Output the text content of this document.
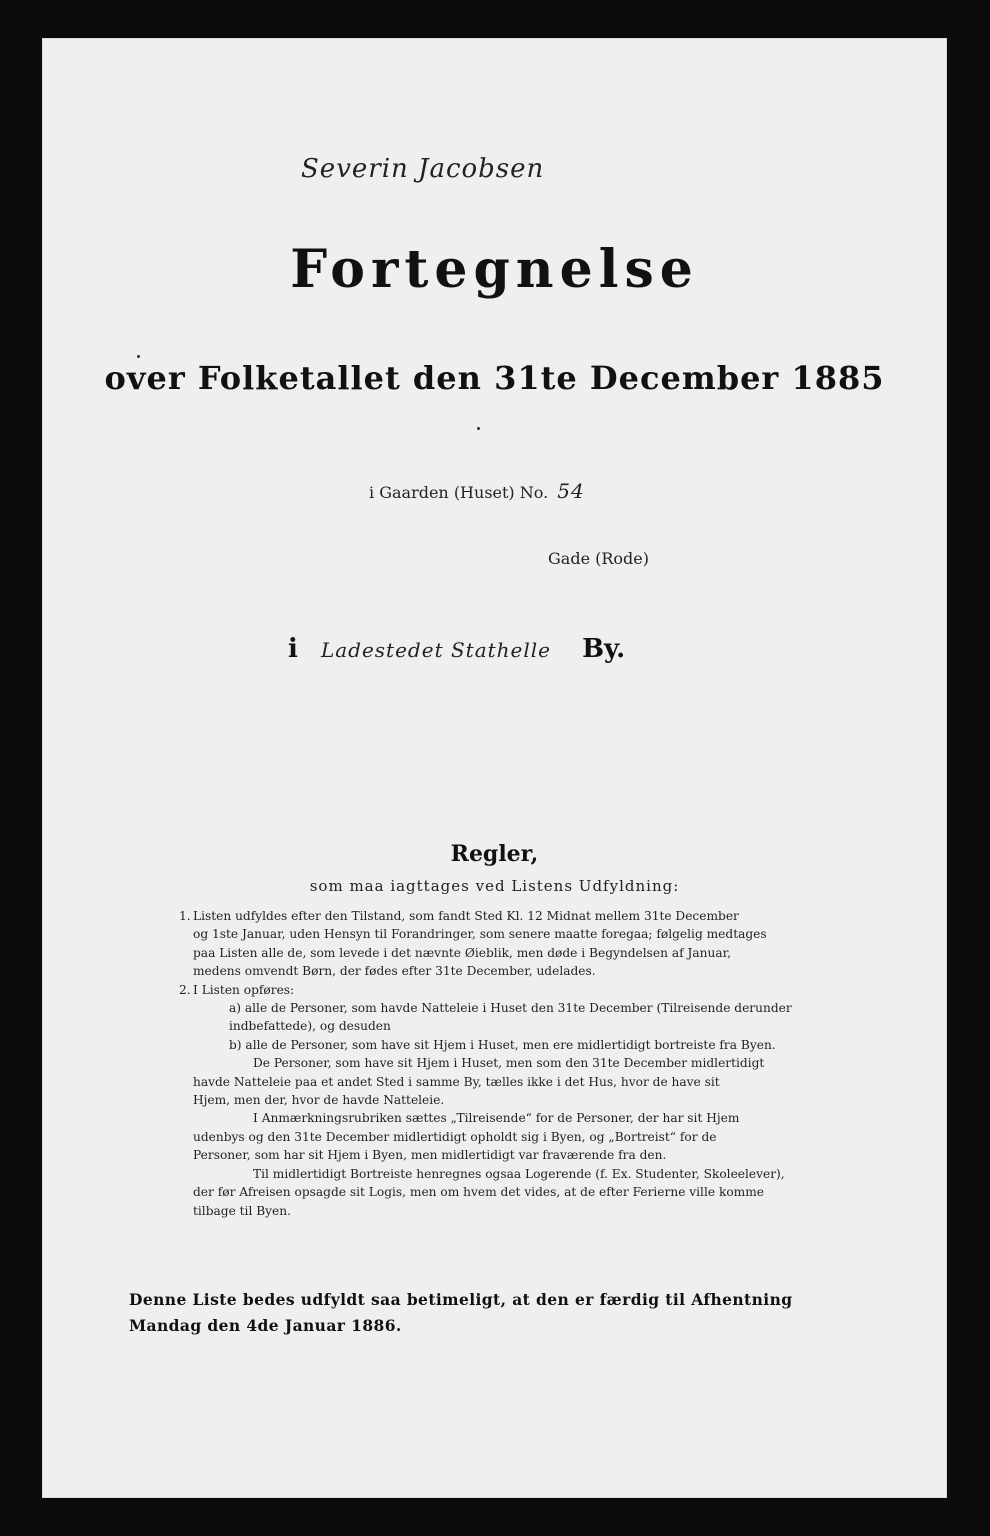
Severin Jacobsen
Fortegnelse
over Folketallet den 31te December 1885
i Gaarden (Huset) No. 54
Gade (Rode)
i Ladestedet Stathelle By.
Regler,
som maa iagttages ved Listens Udfyldning:
1. Listen udfyldes efter den Tilstand, som fandt Sted Kl. 12 Midnat mellem 31te December
og 1ste Januar, uden Hensyn til Forandringer, som senere maatte foregaa; følgelig medtages
paa Listen alle de, som levede i det nævnte Øieblik, men døde i Begyndelsen af Januar,
medens omvendt Børn, der fødes efter 31te December, udelades.
2. I Listen opføres:
a) alle de Personer, som havde Natteleie i Huset den 31te December (Tilreisende derunder
indbefattede), og desuden
b) alle de Personer, som have sit Hjem i Huset, men ere midlertidigt bortreiste fra Byen.
De Personer, som have sit Hjem i Huset, men som den 31te December midlertidigt
havde Natteleie paa et andet Sted i samme By, tælles ikke i det Hus, hvor de have sit
Hjem, men der, hvor de havde Natteleie.
I Anmærkningsrubriken sættes „Tilreisende“ for de Personer, der har sit Hjem
udenbys og den 31te December midlertidigt opholdt sig i Byen, og „Bortreist“ for de
Personer, som har sit Hjem i Byen, men midlertidigt var fraværende fra den.
Til midlertidigt Bortreiste henregnes ogsaa Logerende (f. Ex. Studenter, Skoleelever),
der før Afreisen opsagde sit Logis, men om hvem det vides, at de efter Ferierne ville komme
tilbage til Byen.
Denne Liste bedes udfyldt saa betimeligt, at den er færdig til Afhentning
Mandag den 4de Januar 1886.
